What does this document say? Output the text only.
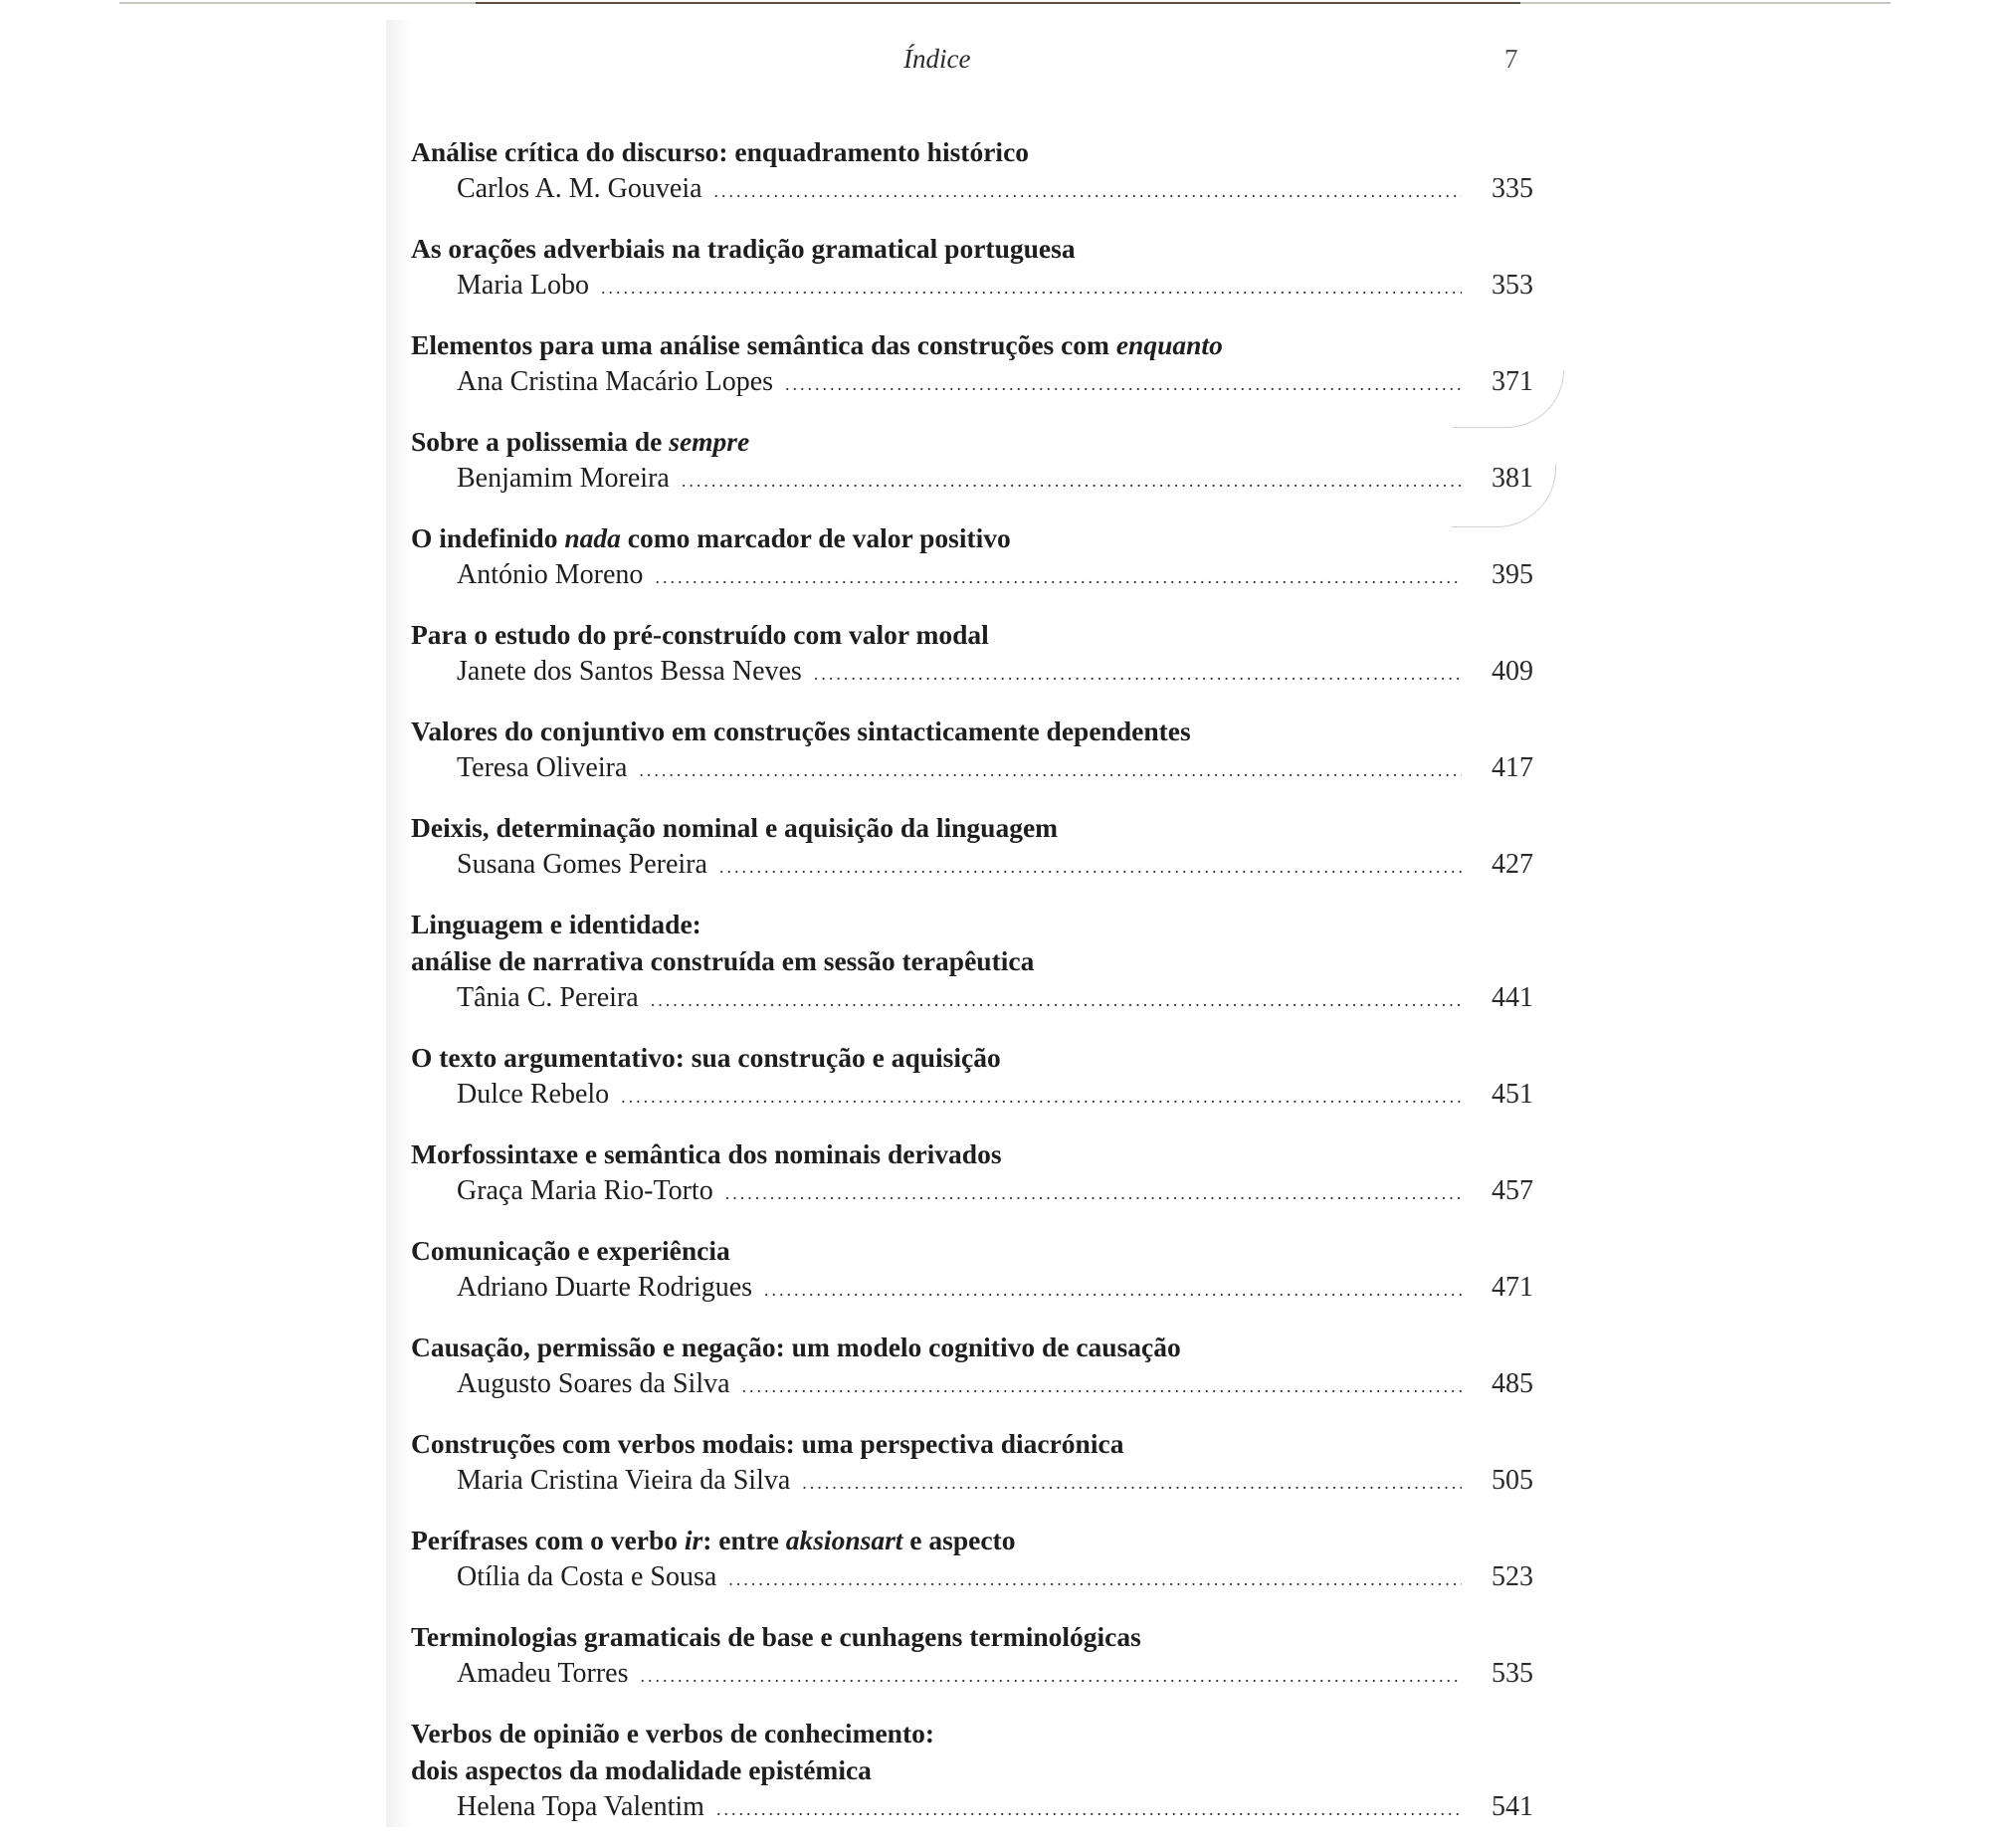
Índice	7
Análise crítica do discurso: enquadramento histórico
Carlos A. M. Gouveia .....	335
As orações adverbiais na tradição gramatical portuguesa
Maria Lobo .....	353
Elementos para uma análise semântica das construções com enquanto
Ana Cristina Macário Lopes .....	371
Sobre a polissemia de sempre
Benjamim Moreira .....	381
O indefinido nada como marcador de valor positivo
António Moreno .....	395
Para o estudo do pré-construído com valor modal
Janete dos Santos Bessa Neves .....	409
Valores do conjuntivo em construções sintacticamente dependentes
Teresa Oliveira .....	417
Deixis, determinação nominal e aquisição da linguagem
Susana Gomes Pereira .....	427
Linguagem e identidade:
análise de narrativa construída em sessão terapêutica
Tânia C. Pereira .....	441
O texto argumentativo: sua construção e aquisição
Dulce Rebelo .....	451
Morfossintaxe e semântica dos nominais derivados
Graça Maria Rio-Torto .....	457
Comunicação e experiência
Adriano Duarte Rodrigues .....	471
Causação, permissão e negação: um modelo cognitivo de causação
Augusto Soares da Silva .....	485
Construções com verbos modais: uma perspectiva diacrónica
Maria Cristina Vieira da Silva .....	505
Perífrases com o verbo ir: entre aksionsart e aspecto
Otília da Costa e Sousa .....	523
Terminologias gramaticais de base e cunhagens terminológicas
Amadeu Torres .....	535
Verbos de opinião e verbos de conhecimento:
dois aspectos da modalidade epistémica
Helena Topa Valentim .....	541
